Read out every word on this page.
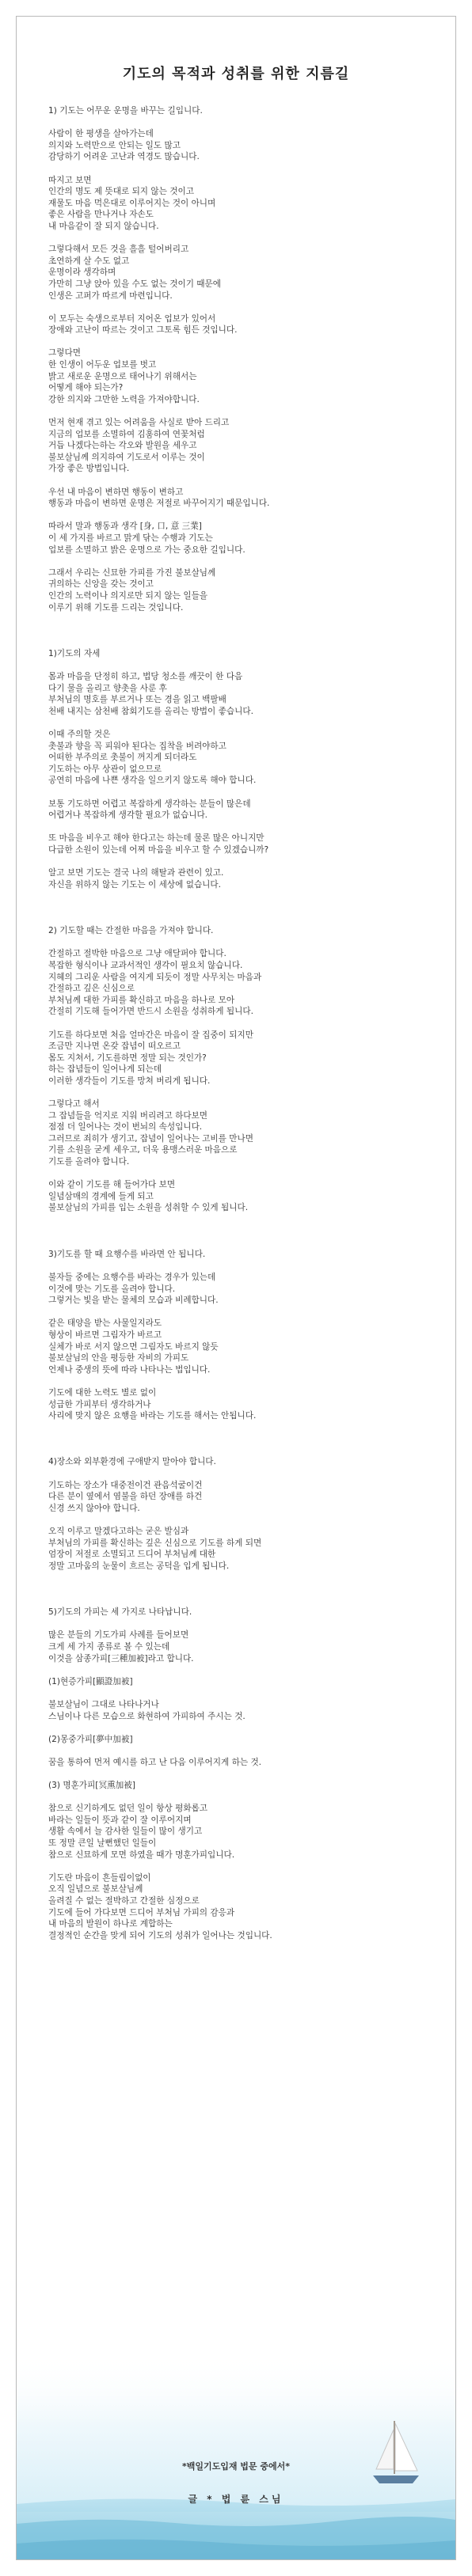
기도의 목적과 성취를 위한 지름길
1) 기도는 어무운 운명을 바꾸는 길입니다.
사람이 한 평생을 살아가는데
의지와 노력만으로 안되는 일도 많고
감당하기 어려운 고난과 역경도 많습니다.
따지고 보면
인간의 명도 제 뜻대로 되지 않는 것이고
재물도 마음 먹은대로 이루어지는 것이 아니며
좋은 사람을 만나거나 자손도
내 마음같이 잘 되지 않습니다.
그렇다해서 모든 것을 흘흘 털어버리고
초연하게 살 수도 없고
운명이라 생각하며
가만히 그냥 앉아 있을 수도 없는 것이기 때문에
인생은 고퍼가 따르게 마련입니다.
이 모두는 숙생으로부터 지어온 업보가 있어서
장애와 고난이 따르는 것이고 그토록 힘든 것입니다.
그렇다면
한 인생이 어두운 업보를 벗고
밝고 새로운 운명으로 태어나기 위해서는
어떻게 해야 되는가?
강한 의지와 그만한 노력을 가져야합니다.
먼저 현재 겪고 있는 어려움을 사실로 받아 드리고
지금의 업보를 소멸하여 김훔하여 연꽃처럼
거듭 나겠다는하는 각오와 발원을 세우고
불보살님께 의지하여 기도로서 이루는 것이
가장 좋은 방법입니다.
우선 내 마음이 변하면 행동이 변하고
행동과 마음이 변하면 운명은 저절로 바꾸어지기 때문입니다.
따라서 말과 행동과 생각 [身, 口, 意 三業]
이 세 가지를 바르고 맑게 닦는 수행과 기도는
업보를 소멸하고 밝은 운명으로 가는 중요한 길입니다.
그래서 우리는 신묘한 가피를 가진 불보살님께
귀의하는 신앙을 갖는 것이고
인간의 노력이나 의지로만 되지 않는 일들을
이루기 위해 기도를 드리는 것입니다.

1)기도의 자세
몸과 마음을 단정히 하고, 법당 청소를 깨끗이 한 다음
다기 물을 올리고 향촛을 사룬 후
부처님의 명호를 부르거나 또는 경을 읽고 백팔배
천배 내지는 삼천배 참회기도를 올리는 방법이 좋습니다.
이때 주의할 것은
촛불과 향을 꼭 피워야 된다는 집착을 버려야하고
어떠한 부주의로 촛불이 꺼지게 되더라도
기도하는 아무 상관이 없으므로
공연히 마음에 나쁜 생각을 일으키지 않도록 해야 합니다.
보통 기도하면 어렵고 복잡하게 생각하는 분들이 많은데
어렵거나 복잡하게 생각할 필요가 없습니다.
또 마음을 비우고 해야 한다고는 하는데 물론 많은 아니지만
다급한 소원이 있는데 어찌 마음을 비우고 할 수 있겠습니까?
알고 보면 기도는 결국 나의 해탈과 관련이 있고.
자신을 위하지 않는 기도는 이 세상에 없습니다.

2) 기도할 때는 간절한 마음을 가져야 합니다.
간절하고 절박한 마음으로 그냥 애달퍼야 합니다.
복잡한 형식이나 교과서적인 생각이 필요치 않습니다.
지혜의 그리운 사람을 여지게 되듯이 정말 사무치는 마음과
간절하고 깊은 신심으로
부처님께 대한 가피를 확신하고 마음을 하나로 모아
간절히 기도해 들어가면 반드시 소원을 성취하게 됩니다.
기도를 하다보면 처음 얼마간은 마음이 잘 집중이 되지만
조금만 지나면 온갖 잡념이 떠오르고
몸도 지쳐서, 기도를하면 정말 되는 것인가?
하는 잡념들이 일어나게 되는데
이러한 생각들이 기도를 망쳐 버리게 됩니다.
그렇다고 해서
그 잡념들을 억지로 지워 버리려고 하다보면
점점 더 일어나는 것이 번뇌의 속성입니다.
그러므로 죄히가 생기고, 잡념이 일어나는 고비를 만나면
기를 소원을 굳게 세우고, 더욱 용맹스러운 마음으로
기도를 올려야 합니다.
이와 같이 기도를 해 들어가다 보면
일념삼매의 경계에 들게 되고
불보살님의 가피를 입는 소원을 성취할 수 있게 됩니다.

3)기도를 할 때 요행수를 바라면 안 됩니다.
불자들 중에는 요행수를 바라는 경우가 있는데
이것에 맞는 기도를 올려야 합니다.
그렇거는 빛을 받는 물체의 모습과 비례합니다.
같은 태양을 받는 사물일지라도
형상이 바르면 그림자가 바르고
실체가 바로 서지 않으면 그림자도 바르지 않듯
불보살님의 안을 평등한 자비의 가피도
언제나 중생의 뜻에 따라 나타나는 법입니다.
기도에 대한 노력도 별로 없이
성급한 가피부터 생각하거나
사리에 맞지 않은 요행을 바라는 기도를 해서는 안됩니다.

4)장소와 외부환경에 구애받지 말아야 합니다.
기도하는 장소가 대중전이건 관음석굴이건
다른 분이 옆에서 염불을 하던 장애를 하건
신경 쓰지 않아야 합니다.
오직 이루고 말겠다고하는 굳은 발심과
부처님의 가피를 확신하는 깊은 신심으로 기도를 하게 되면
엄장이 저절로 소멸되고 드디어 부처님께 대한
정말 고마움의 눈물이 흐르는 공덕을 입게 됩니다.

5)기도의 가피는 세 가지로 나타납니다.
많은 분들의 기도가피 사례를 들어보면
크게 세 가지 종류로 볼 수 있는데
이것을 삼종가피[三種加被]라고 합니다.
(1)현증가피[顯證加被]
불보살님이 그대로 나타나거나
스님이나 다른 모습으로 화현하여 가피하여 주시는 것.
(2)몽중가피[夢中加被]
꿈을 통하여 먼저 예시를 하고 난 다음 이루어지게 하는 것.
(3) 명훈가피[冥熏加被]
참으로 신기하게도 없던 일이 항상 평화롭고
바라는 일들이 뜻과 같이 잘 이루어지며
생활 속에서 늘 감사한 일들이 많이 생기고
또 정말 큰일 날뻔했던 일들이
참으로 신묘하게 모면 하였을 때가 명훈가피입니다.
기도란 마음이 흔들림이없이
오직 일념으로 불보살님께
올려질 수 없는 절박하고 간절한 심정으로
기도에 들어 가다보면 드디어 부처님 가피의 감응과
내 마음의 발원이 하나로 계합하는
결정적인 순간을 맞게 되어 기도의 성취가 일어나는 것입니다.
*백일기도입재 법문 중에서*
글 * 법 륜 스님
